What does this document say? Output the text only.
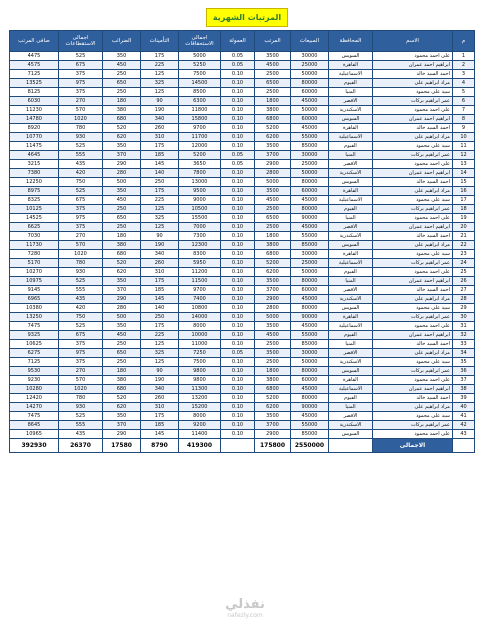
المرتبات الشهرية
م	الاسم	المحافظة	المبيعات	المرتب	العمولة	اجمالى الاستحقاقات	التأمينات	الضرائب	اجمالى الاستقطاعات	صافى المرتب
1	على احمد محمود	السويس	30000	3500	0.05	5000	175	350	525	4475
2	ابراهيم احمد عمران	القاهرة	25000	4500	0.05	5250	225	450	675	4575
3	احمد السيد خالد	الاسماعيلية	50000	2500	0.10	7500	125	250	375	7125
4	مراد ابراهيم على	الفيوم	80000	6500	0.10	14500	325	650	975	13525
5	سيد على محمود	المنيا	60000	2500	0.10	8500	125	250	375	8125
6	عمر ابراهيم بركات	الاقصر	45000	1800	0.10	6300	90	180	270	6030
7	على احمد محمود	الاسكندرية	50000	3800	0.10	11800	190	380	570	11230
8	ابراهيم احمد عمران	السويس	60000	6800	0.10	15800	340	680	1020	14780
9	احمد السيد خالد	القاهرة	45000	5200	0.10	9700	260	520	780	8920
10	مراد ابراهيم على	الاسماعيلية	55000	6200	0.10	11700	310	620	930	10770
11	سيد على محمود	الفيوم	85000	3500	0.10	12000	175	350	525	11475
12	عمر ابراهيم بركات	المنيا	30000	3700	0.05	5200	185	370	555	4645
13	على احمد محمود	الاقصر	25000	2900	0.05	3650	145	290	435	3215
14	ابراهيم احمد عمران	الاسكندرية	50000	2800	0.10	7800	140	280	420	7380
15	احمد السيد خالد	السويس	80000	5000	0.10	13000	250	500	750	12250
16	مراد ابراهيم على	القاهرة	60000	3500	0.10	9500	175	350	525	8975
17	سيد على محمود	الاسماعيلية	45000	4500	0.10	9000	225	450	675	8325
18	عمر ابراهيم بركات	الفيوم	80000	2500	0.10	10500	125	250	375	10125
19	على احمد محمود	المنيا	90000	6500	0.10	15500	325	650	975	14525
20	ابراهيم احمد عمران	الاقصر	45000	2500	0.10	7000	125	250	375	6625
21	احمد السيد خالد	الاسكندرية	55000	1800	0.10	7300	90	180	270	7030
22	مراد ابراهيم على	السويس	85000	3800	0.10	12300	190	380	570	11730
23	سيد على محمود	القاهرة	30000	6800	0.10	8300	340	680	1020	7280
24	عمر ابراهيم بركات	الاسماعيلية	25000	5200	0.10	5950	260	520	780	5170
25	على احمد محمود	الفيوم	50000	6200	0.10	11200	310	620	930	10270
26	ابراهيم احمد عمران	المنيا	80000	3500	0.10	11500	175	350	525	10975
27	احمد السيد خالد	الاقصر	60000	3700	0.10	9700	185	370	555	9145
28	مراد ابراهيم على	الاسكندرية	45000	2900	0.10	7400	145	290	435	6965
29	سيد على محمود	السويس	80000	2800	0.10	10800	140	280	420	10380
30	عمر ابراهيم بركات	القاهرة	90000	5000	0.10	14000	250	500	750	13250
31	على احمد محمود	الاسماعيلية	45000	3500	0.10	8000	175	350	525	7475
32	ابراهيم احمد عمران	الفيوم	55000	4500	0.10	10000	225	450	675	9325
33	احمد السيد خالد	المنيا	85000	2500	0.10	11000	125	250	375	10625
34	مراد ابراهيم على	الاقصر	30000	3500	0.05	7250	325	650	975	6275
35	سيد على محمود	الاسكندرية	50000	2500	0.10	7500	125	250	375	7125
36	عمر ابراهيم بركات	السويس	80000	1800	0.10	9800	90	180	270	9530
37	على احمد محمود	القاهرة	60000	3800	0.10	9800	190	380	570	9230
38	ابراهيم احمد عمران	الاسماعيلية	45000	6800	0.10	11300	340	680	1020	10280
39	احمد السيد خالد	الفيوم	80000	5200	0.10	13200	260	520	780	12420
40	مراد ابراهيم على	المنيا	90000	6200	0.10	15200	310	620	930	14270
41	سيد على محمود	الاقصر	45000	3500	0.10	8000	175	350	525	7475
42	عمر ابراهيم بركات	الاسكندرية	55000	3700	0.10	9200	185	370	555	8645
43	على احمد محمود	السويس	85000	2900	0.10	11400	145	290	435	10965
	الاجمالى		2550000	175800		419300	8790	17580	26370	392930
نفذلي
nafezly.com
